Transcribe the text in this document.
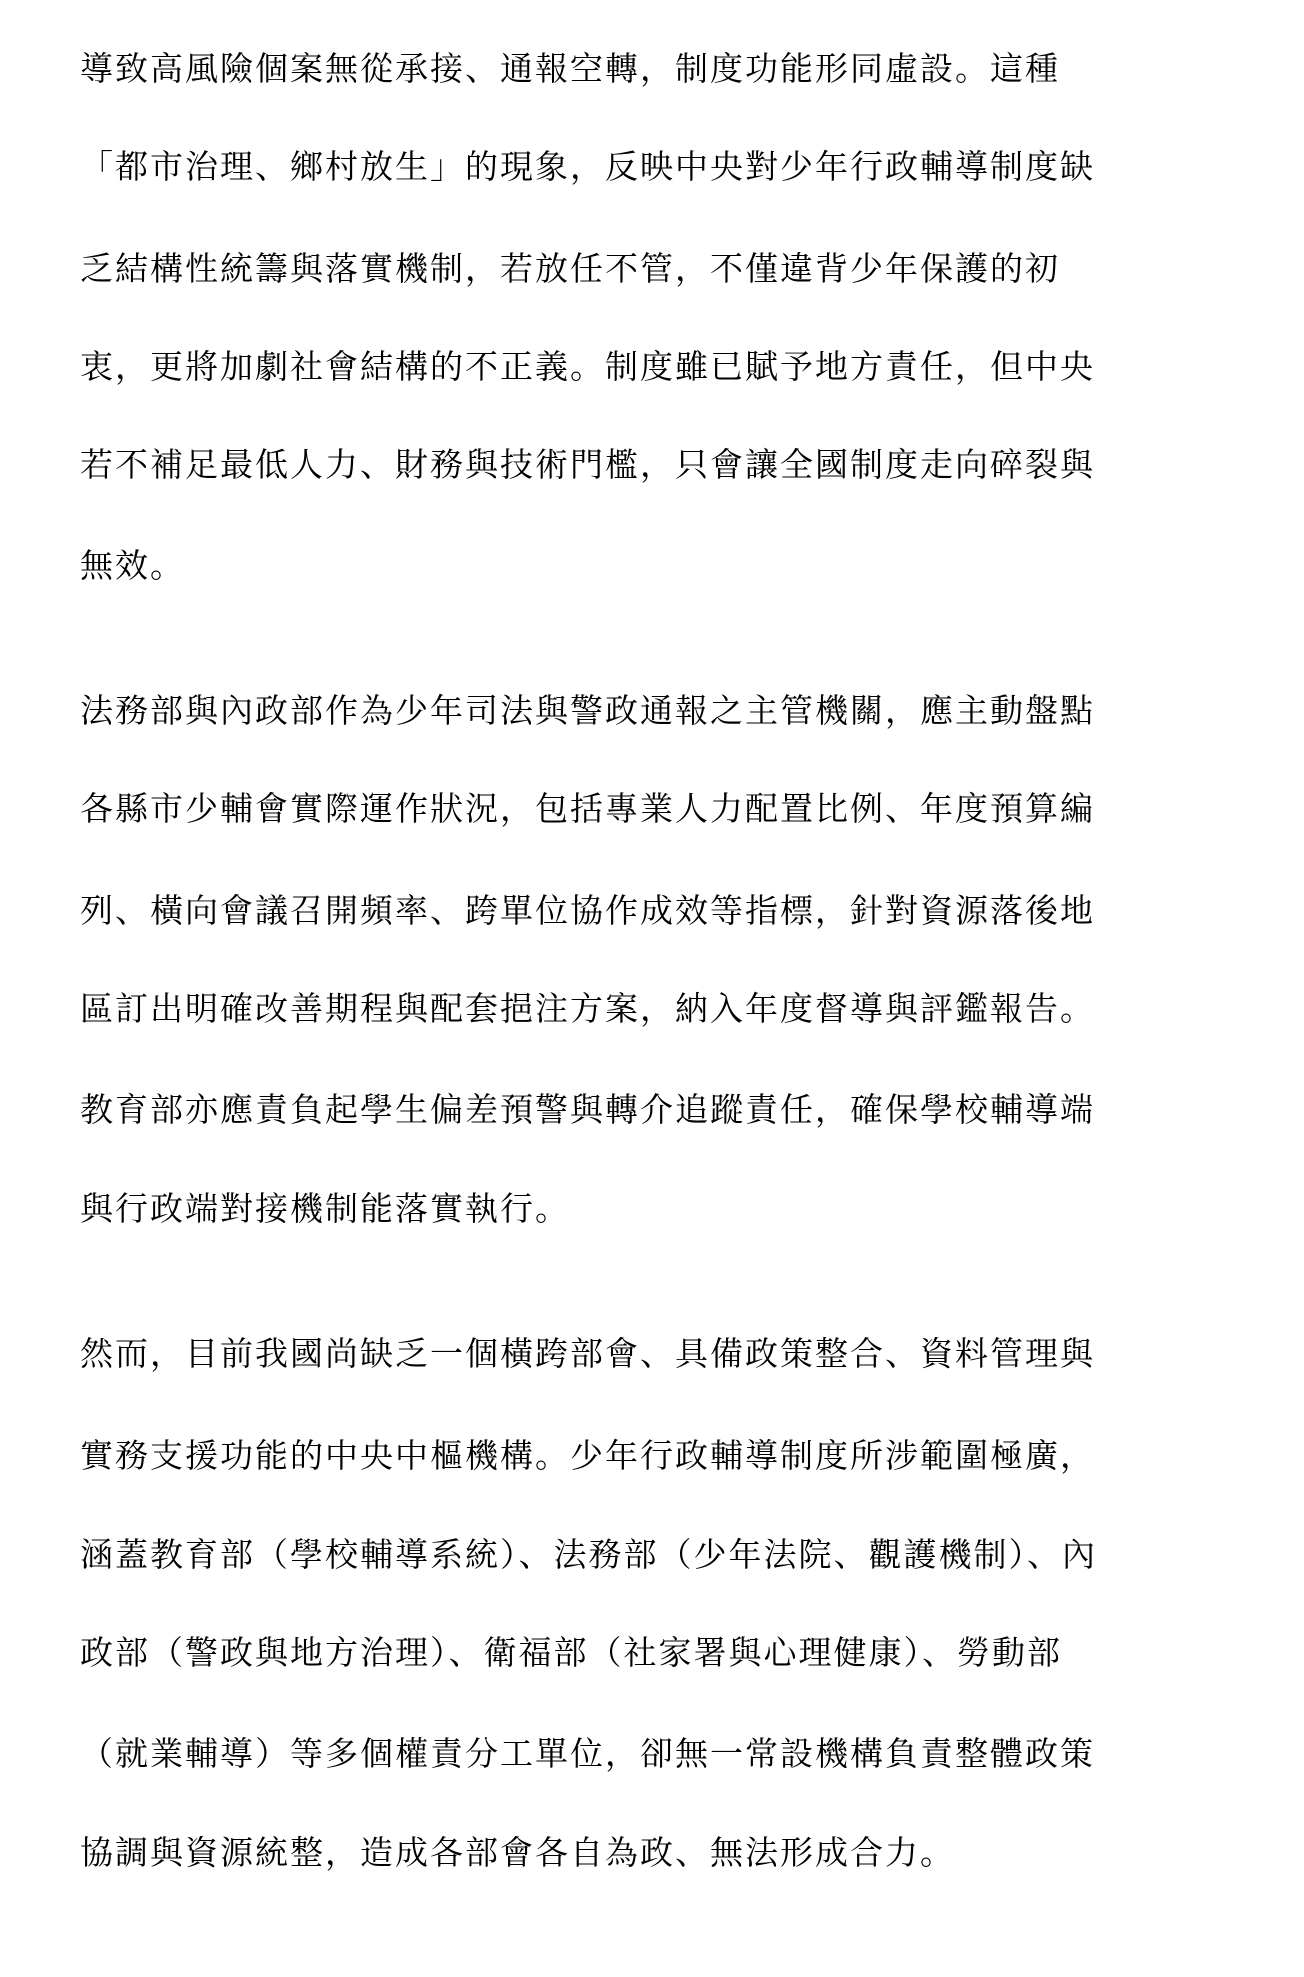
導致高風險個案無從承接、通報空轉，制度功能形同虛設。這種

「都市治理、鄉村放生」的現象，反映中央對少年行政輔導制度缺

乏結構性統籌與落實機制，若放任不管，不僅違背少年保護的初

衷，更將加劇社會結構的不正義。制度雖已賦予地方責任，但中央

若不補足最低人力、財務與技術門檻，只會讓全國制度走向碎裂與

無效。

法務部與內政部作為少年司法與警政通報之主管機關，應主動盤點

各縣市少輔會實際運作狀況，包括專業人力配置比例、年度預算編

列、橫向會議召開頻率、跨單位協作成效等指標，針對資源落後地

區訂出明確改善期程與配套挹注方案，納入年度督導與評鑑報告。

教育部亦應責負起學生偏差預警與轉介追蹤責任，確保學校輔導端

與行政端對接機制能落實執行。

然而，目前我國尚缺乏一個橫跨部會、具備政策整合、資料管理與

實務支援功能的中央中樞機構。少年行政輔導制度所涉範圍極廣，

涵蓋教育部（學校輔導系統）、法務部（少年法院、觀護機制）、內

政部（警政與地方治理）、衛福部（社家署與心理健康）、勞動部

（就業輔導）等多個權責分工單位，卻無一常設機構負責整體政策

協調與資源統整，造成各部會各自為政、無法形成合力。
